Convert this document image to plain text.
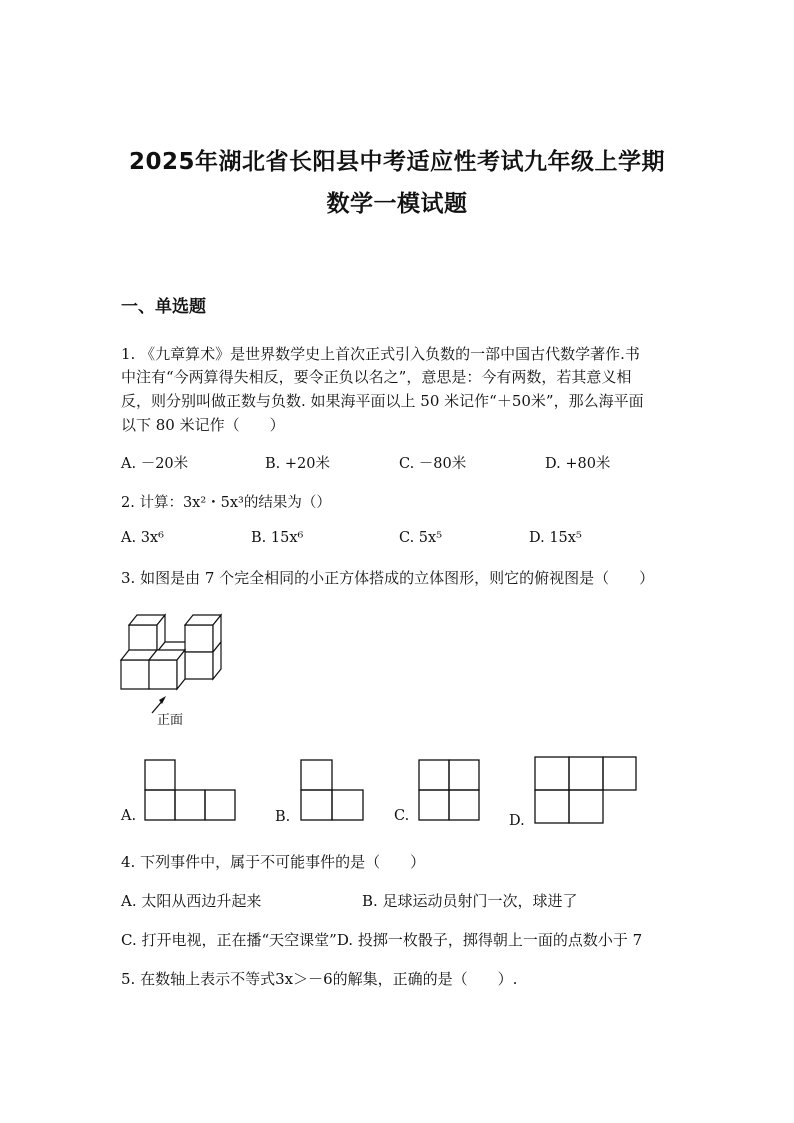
2025年湖北省长阳县中考适应性考试九年级上学期
数学一模试题
一、单选题
1. 《九章算术》是世界数学史上首次正式引入负数的一部中国古代数学著作.书
中注有“今两算得失相反，要令正负以名之”，意思是：今有两数，若其意义相
反，则分别叫做正数与负数. 如果海平面以上 50 米记作“＋50米”，那么海平面
以下 80 米记作（　　）
A. －20米	B. +20米	C. －80米	D. +80米
2. 计算：3x²・5x³的结果为（）
A. 3x⁶	B. 15x⁶	C. 5x⁵	D. 15x⁵
3. 如图是由 7 个完全相同的小正方体搭成的立体图形，则它的俯视图是（　　）
正面
A.	B.	C.	D.
4. 下列事件中，属于不可能事件的是（　　）
A. 太阳从西边升起来	B. 足球运动员射门一次，球进了
C. 打开电视，正在播“天空课堂”D. 投掷一枚骰子，掷得朝上一面的点数小于 7
5. 在数轴上表示不等式3x＞－6的解集，正确的是（　　）.
